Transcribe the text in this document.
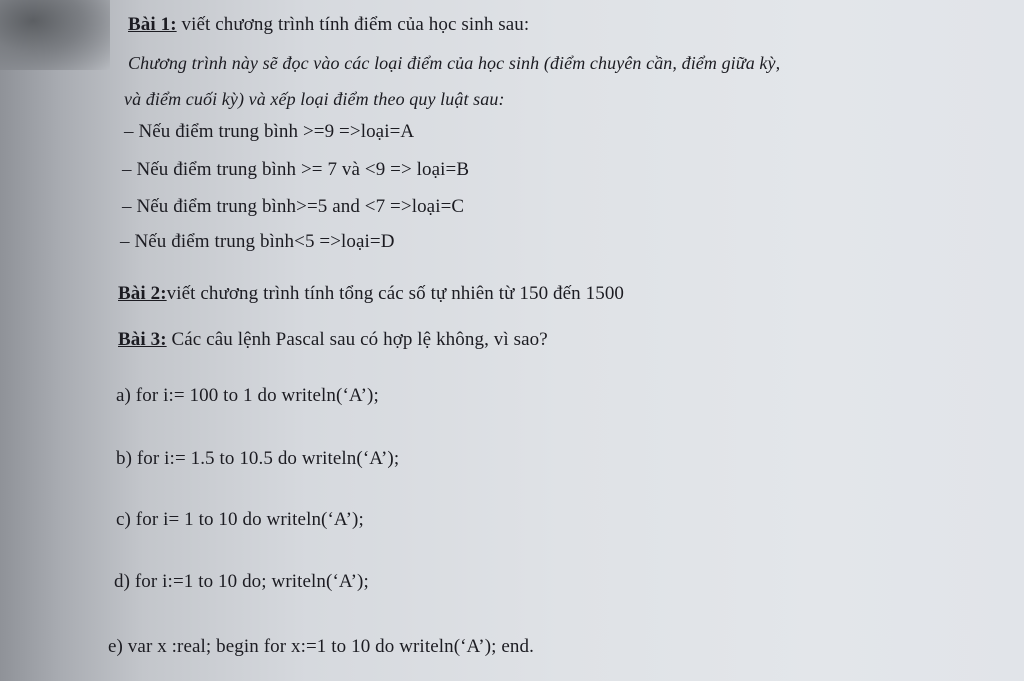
Bài 1: viết chương trình tính điểm của học sinh sau:
Chương trình này sẽ đọc vào các loại điểm của học sinh (điểm chuyên cần, điểm giữa kỳ,
và điểm cuối kỳ) và xếp loại điểm theo quy luật sau:
– Nếu điểm trung bình >=9 =>loại=A
– Nếu điểm trung bình >= 7 và <9 => loại=B
– Nếu điểm trung bình>=5 and <7 =>loại=C
– Nếu điểm trung bình<5 =>loại=D
Bài 2:viết chương trình tính tổng các số tự nhiên từ 150 đến 1500
Bài 3: Các câu lệnh Pascal sau có hợp lệ không, vì sao?
a) for i:= 100 to 1 do writeln(‘A’);
b) for i:= 1.5 to 10.5 do writeln(‘A’);
c) for i= 1 to 10 do writeln(‘A’);
d) for i:=1 to 10 do; writeln(‘A’);
e) var x :real; begin for x:=1 to 10 do writeln(‘A’); end.
